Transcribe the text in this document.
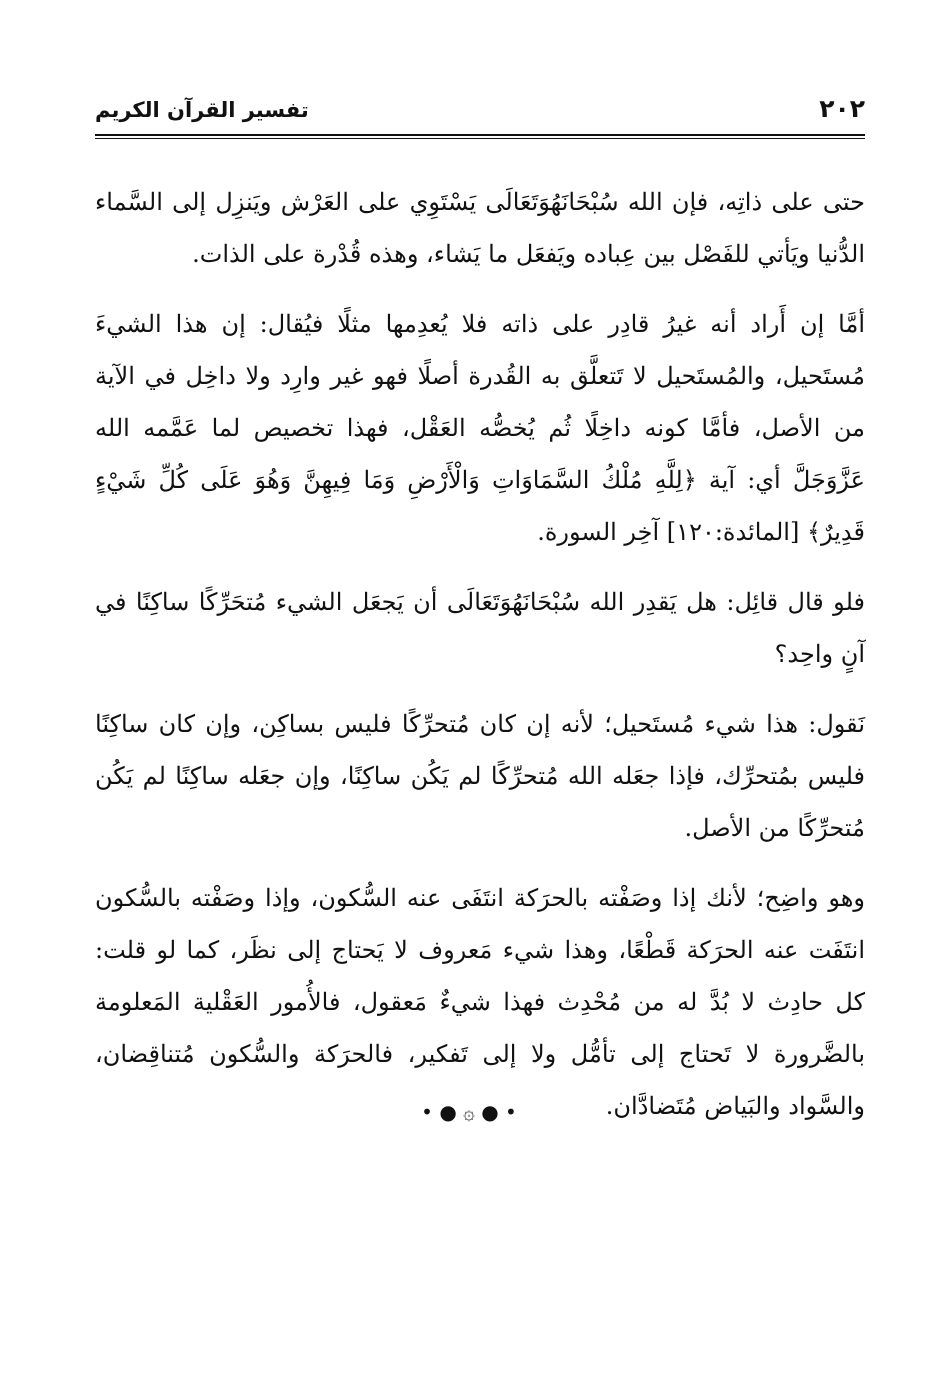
٢٠٢
تفسير القرآن الكريم

حتى على ذاتِه، فإن الله سُبْحَانَهُوَتَعَالَى يَسْتَوِي على العَرْش ويَنزِل إلى السَّماء الدُّنيا ويَأتي للفَصْل بين عِباده ويَفعَل ما يَشاء، وهذه قُدْرة على الذات.

أمَّا إن أَراد أنه غيرُ قادِر على ذاته فلا يُعدِمها مثلًا فيُقال: إن هذا الشيءَ مُستَحيل، والمُستَحيل لا تَتعلَّق به القُدرة أصلًا فهو غير وارِد ولا داخِل في الآية من الأصل، فأمَّا كونه داخِلًا ثُم يُخصُّه العَقْل، فهذا تخصيص لما عَمَّمه الله عَزَّوَجَلَّ أي: آية ﴿لِلَّهِ مُلْكُ السَّمَاوَاتِ وَالْأَرْضِ وَمَا فِيهِنَّ وَهُوَ عَلَى كُلِّ شَيْءٍ قَدِيرٌ﴾ [المائدة:١٢٠] آخِر السورة.

فلو قال قائِل: هل يَقدِر الله سُبْحَانَهُوَتَعَالَى أن يَجعَل الشيء مُتحَرِّكًا ساكِنًا في آنٍ واحِد؟

نَقول: هذا شيء مُستَحيل؛ لأنه إن كان مُتحرِّكًا فليس بساكِن، وإن كان ساكِنًا فليس بمُتحرِّك، فإذا جعَله الله مُتحرِّكًا لم يَكُن ساكِنًا، وإن جعَله ساكِنًا لم يَكُن مُتحرِّكًا من الأصل.

وهو واضِح؛ لأنك إذا وصَفْته بالحرَكة انتَفَى عنه السُّكون، وإذا وصَفْته بالسُّكون انتَفَت عنه الحرَكة قَطْعًا، وهذا شيء مَعروف لا يَحتاج إلى نظَر، كما لو قلت: كل حادِث لا بُدَّ له من مُحْدِث فهذا شيءٌ مَعقول، فالأُمور العَقْلية المَعلومة بالضَّرورة لا تَحتاج إلى تأمُّل ولا إلى تَفكير، فالحرَكة والسُّكون مُتناقِضان، والسَّواد والبَياض مُتَضادَّان.

• ● ۞ ● •
